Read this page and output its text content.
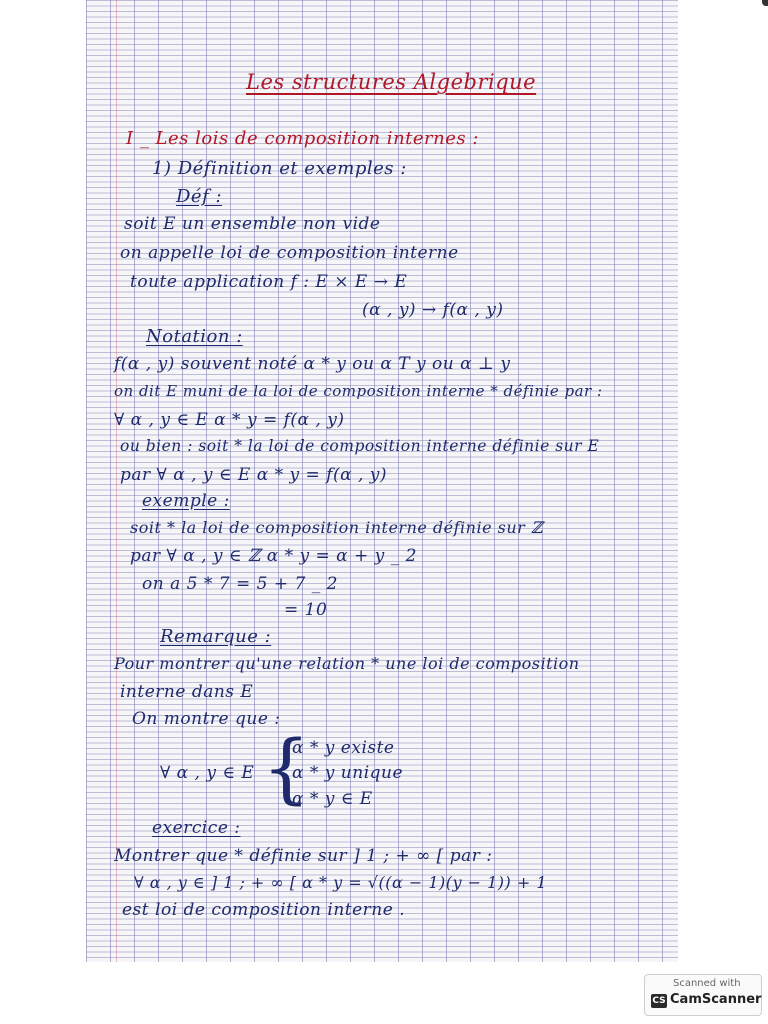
Les structures Algebrique
I _ Les lois de composition internes :
1) Définition et exemples :
Déf :
soit E un ensemble non vide
on appelle loi de composition interne
toute application f : E × E → E
(α , y) → f(α , y)
Notation :
f(α , y) souvent noté α * y ou α T y ou α ⊥ y
on dit E muni de la loi de composition interne * définie par :
∀ α , y ∈ E α * y = f(α , y)
ou bien : soit * la loi de composition interne définie sur E
par ∀ α , y ∈ E α * y = f(α , y)
exemple :
soit * la loi de composition interne définie sur ℤ
par ∀ α , y ∈ ℤ α * y = α + y _ 2
on a 5 * 7 = 5 + 7 _ 2
= 10
Remarque :
Pour montrer qu'une relation * une loi de composition
interne dans E
On montre que :
∀ α , y ∈ E {
α * y existe
α * y unique
α * y ∈ E
exercice :
Montrer que * définie sur ] 1 ; + ∞ [ par :
∀ α , y ∈ ] 1 ; + ∞ [ α * y = √((α − 1)(y − 1)) + 1
est loi de composition interne .
Scanned with
CS CamScanner
